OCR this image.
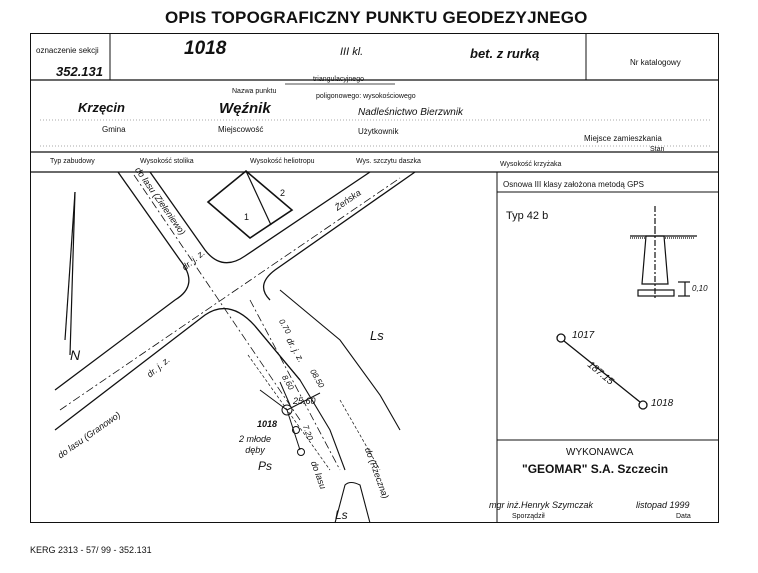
OPIS TOPOGRAFICZNY PUNKTU GEODEZYJNEGO
oznaczenie sekcji
352.131
1018	III kl.	bet. z rurką
Nr katalogowy
triangulacyjnego
Nazwa punktu
poligonowego: wysokościowego
Krzęcin	Węźnik	Nadleśnictwo Bierzwnik
Gmina	Miejscowość	Użytkownik
Miejsce zamieszkania
Typ zabudowy	Wysokość stolika	Wysokość heliotropu	Wys. szczytu daszka	Wysokość krzyżaka
Stan
N
do lasu (Zieleniewo)	Żeńska
do lasu (Granowo)
do lasu	do (Rzeczna)
dr. j. z.
dr. j. z.
dr. j. z.
Ls
Ls
Ps
2 młode dęby
1018
25.60
7.20
8.60 08.50
0.70
1
2
Osnowa III klasy założona metodą GPS
Typ 42 b
0,10
1017
1018
187.15
WYKONAWCA
"GEOMAR" S.A. Szczecin
mgr inż.Henryk Szymczak
Sporządził
listopad 1999
Data
KERG 2313 - 57/ 99 - 352.131
